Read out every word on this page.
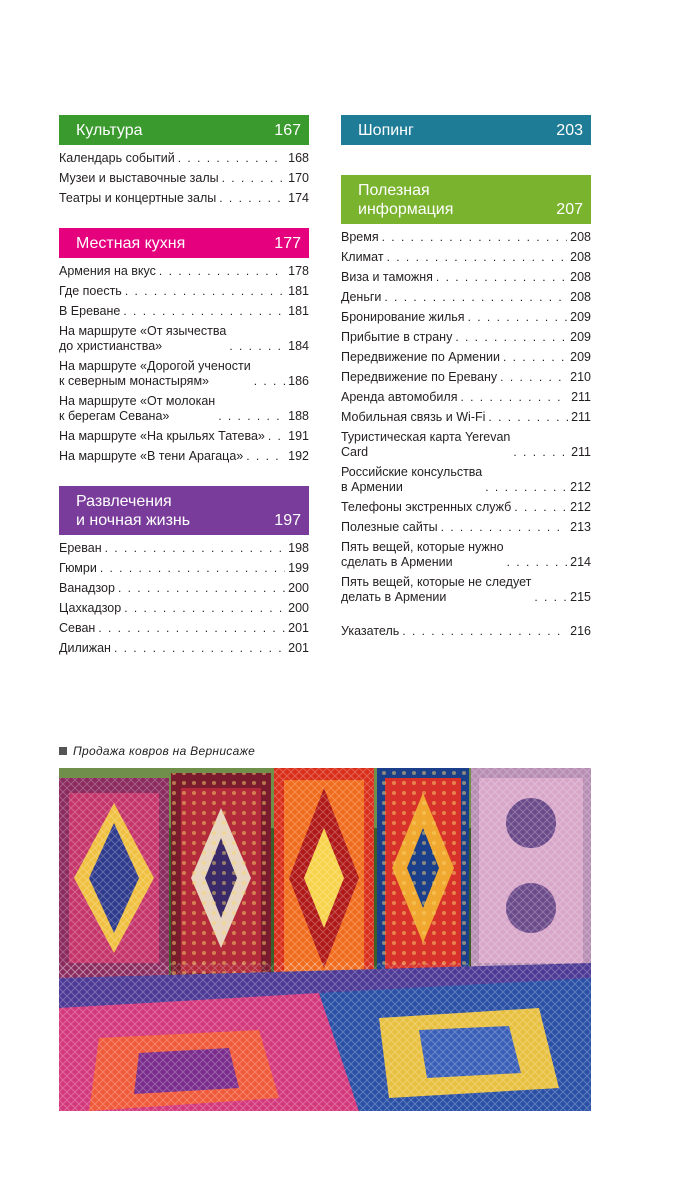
Культура	167
Календарь событий . . .	168
Музеи и выставочные залы . . .	170
Театры и концертные залы . . .	174
Местная кухня	177
Армения на вкус . . .	178
Где поесть . . .	181
В Ереване . . .	181
На маршруте «От язычества
до христианства» . . .	184
На маршруте «Дорогой учености
к северным монастырям» . . .	186
На маршруте «От молокан
к берегам Севана» . . .	188
На маршруте «На крыльях Татева» . . . 191
На маршруте «В тени Арагаца» . . .	192
Развлечения
и ночная жизнь	197
Ереван . . .	198
Гюмри . . .	199
Ванадзор . . .	200
Цахкадзор . . .	200
Севан . . .	201
Дилижан . . .	201
Шопинг	203
Полезная
информация	207
Время . . .	208
Климат . . .	208
Виза и таможня . . .	208
Деньги . . .	208
Бронирование жилья . . .	209
Прибытие в страну . . .	209
Передвижение по Армении . . .	209
Передвижение по Еревану . . .	210
Аренда автомобиля . . .	211
Мобильная связь и Wi-Fi . . .	211
Туристическая карта Yerevan
Card . . .	211
Российские консульства
в Армении . . .	212
Телефоны экстренных служб . . .	212
Полезные сайты . . .	213
Пять вещей, которые нужно
сделать в Армении . . .	214
Пять вещей, которые не следует
делать в Армении . . .	215
Указатель . . .	216
Продажа ковров на Вернисаже
